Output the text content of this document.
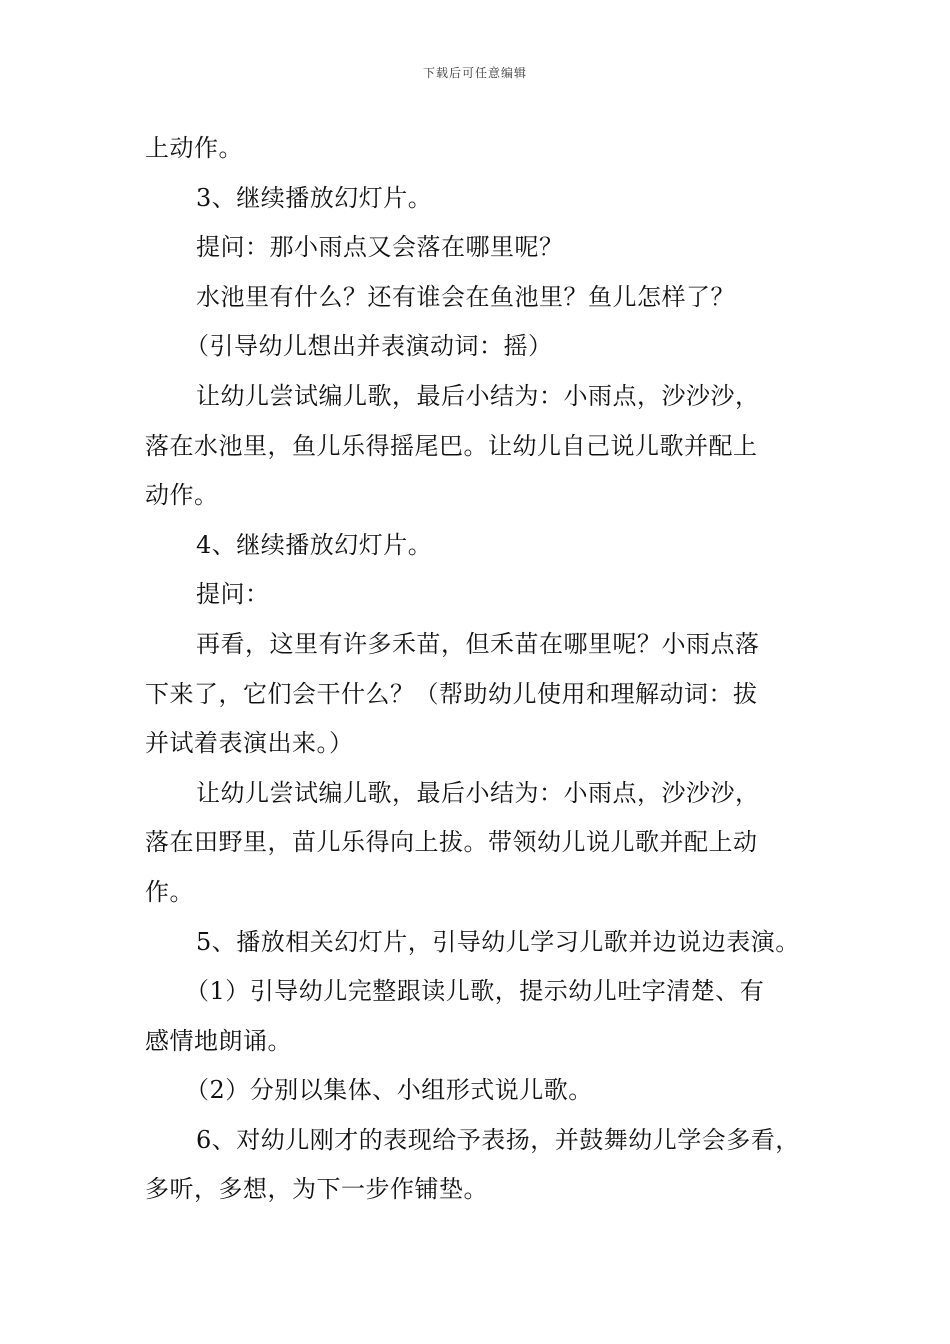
下载后可任意编辑
上动作。
3、继续播放幻灯片。
提问：那小雨点又会落在哪里呢？
水池里有什么？还有谁会在鱼池里？鱼儿怎样了？
（引导幼儿想出并表演动词：摇）
让幼儿尝试编儿歌，最后小结为：小雨点，沙沙沙，
落在水池里，鱼儿乐得摇尾巴。让幼儿自己说儿歌并配上
动作。
4、继续播放幻灯片。
提问：
再看，这里有许多禾苗，但禾苗在哪里呢？小雨点落
下来了，它们会干什么？（帮助幼儿使用和理解动词：拔
并试着表演出来。）
让幼儿尝试编儿歌，最后小结为：小雨点，沙沙沙，
落在田野里，苗儿乐得向上拔。带领幼儿说儿歌并配上动
作。
5、播放相关幻灯片，引导幼儿学习儿歌并边说边表演。
（1）引导幼儿完整跟读儿歌，提示幼儿吐字清楚、有
感情地朗诵。
（2）分别以集体、小组形式说儿歌。
6、对幼儿刚才的表现给予表扬，并鼓舞幼儿学会多看，
多听，多想，为下一步作铺垫。
